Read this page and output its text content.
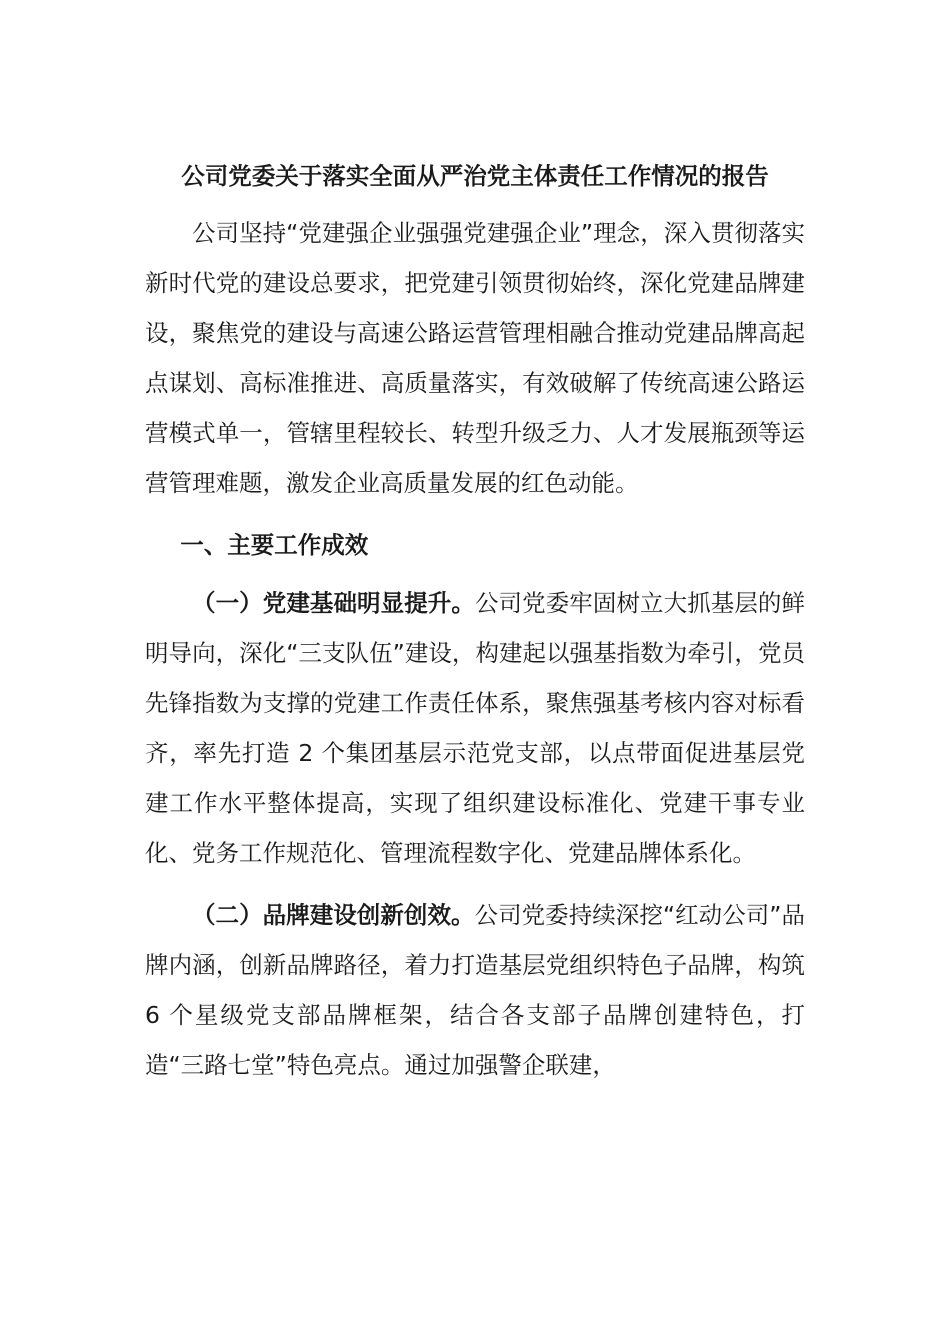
公司党委关于落实全面从严治党主体责任工作情况的报告

公司坚持“党建强企业强强党建强企业”理念，深入贯彻落实新时代党的建设总要求，把党建引领贯彻始终，深化党建品牌建设，聚焦党的建设与高速公路运营管理相融合推动党建品牌高起点谋划、高标准推进、高质量落实，有效破解了传统高速公路运营模式单一，管辖里程较长、转型升级乏力、人才发展瓶颈等运营管理难题，激发企业高质量发展的红色动能。

一、主要工作成效

（一）党建基础明显提升。公司党委牢固树立大抓基层的鲜明导向，深化“三支队伍”建设，构建起以强基指数为牵引，党员先锋指数为支撑的党建工作责任体系，聚焦强基考核内容对标看齐，率先打造 2 个集团基层示范党支部，以点带面促进基层党建工作水平整体提高，实现了组织建设标准化、党建干事专业化、党务工作规范化、管理流程数字化、党建品牌体系化。

（二）品牌建设创新创效。公司党委持续深挖“红动公司”品牌内涵，创新品牌路径，着力打造基层党组织特色子品牌，构筑 6 个星级党支部品牌框架，结合各支部子品牌创建特色，打造“三路七堂”特色亮点。通过加强警企联建，
